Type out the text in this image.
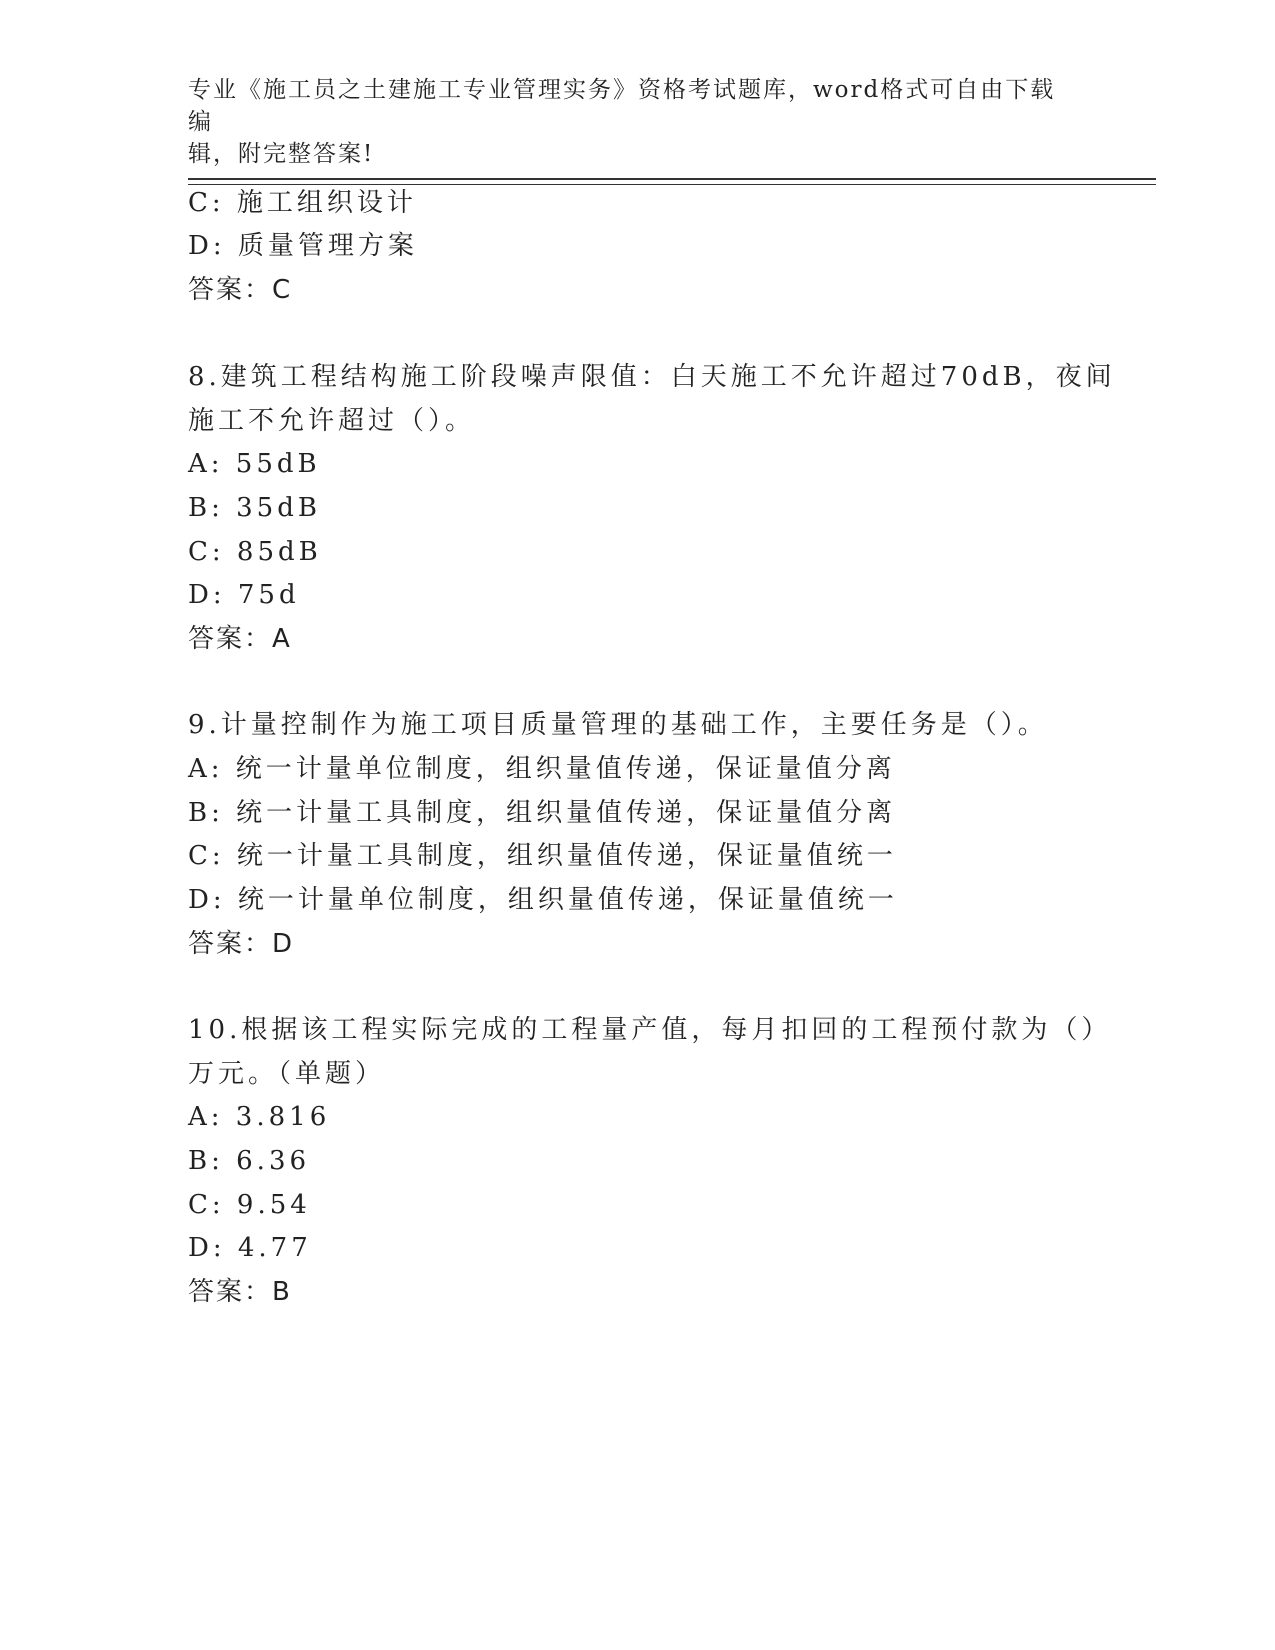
专业《施工员之土建施工专业管理实务》资格考试题库，word格式可自由下载编
辑，附完整答案!
C: 施工组织设计
D: 质量管理方案
答案：C
8.建筑工程结构施工阶段噪声限值：白天施工不允许超过70dB，夜间
施工不允许超过（）。
A: 55dB
B: 35dB
C: 85dB
D: 75d
答案：A
9.计量控制作为施工项目质量管理的基础工作，主要任务是（）。
A: 统一计量单位制度，组织量值传递，保证量值分离
B: 统一计量工具制度，组织量值传递，保证量值分离
C: 统一计量工具制度，组织量值传递，保证量值统一
D: 统一计量单位制度，组织量值传递，保证量值统一
答案：D
10.根据该工程实际完成的工程量产值，每月扣回的工程预付款为（）
万元。（单题）
A: 3.816
B: 6.36
C: 9.54
D: 4.77
答案：B
